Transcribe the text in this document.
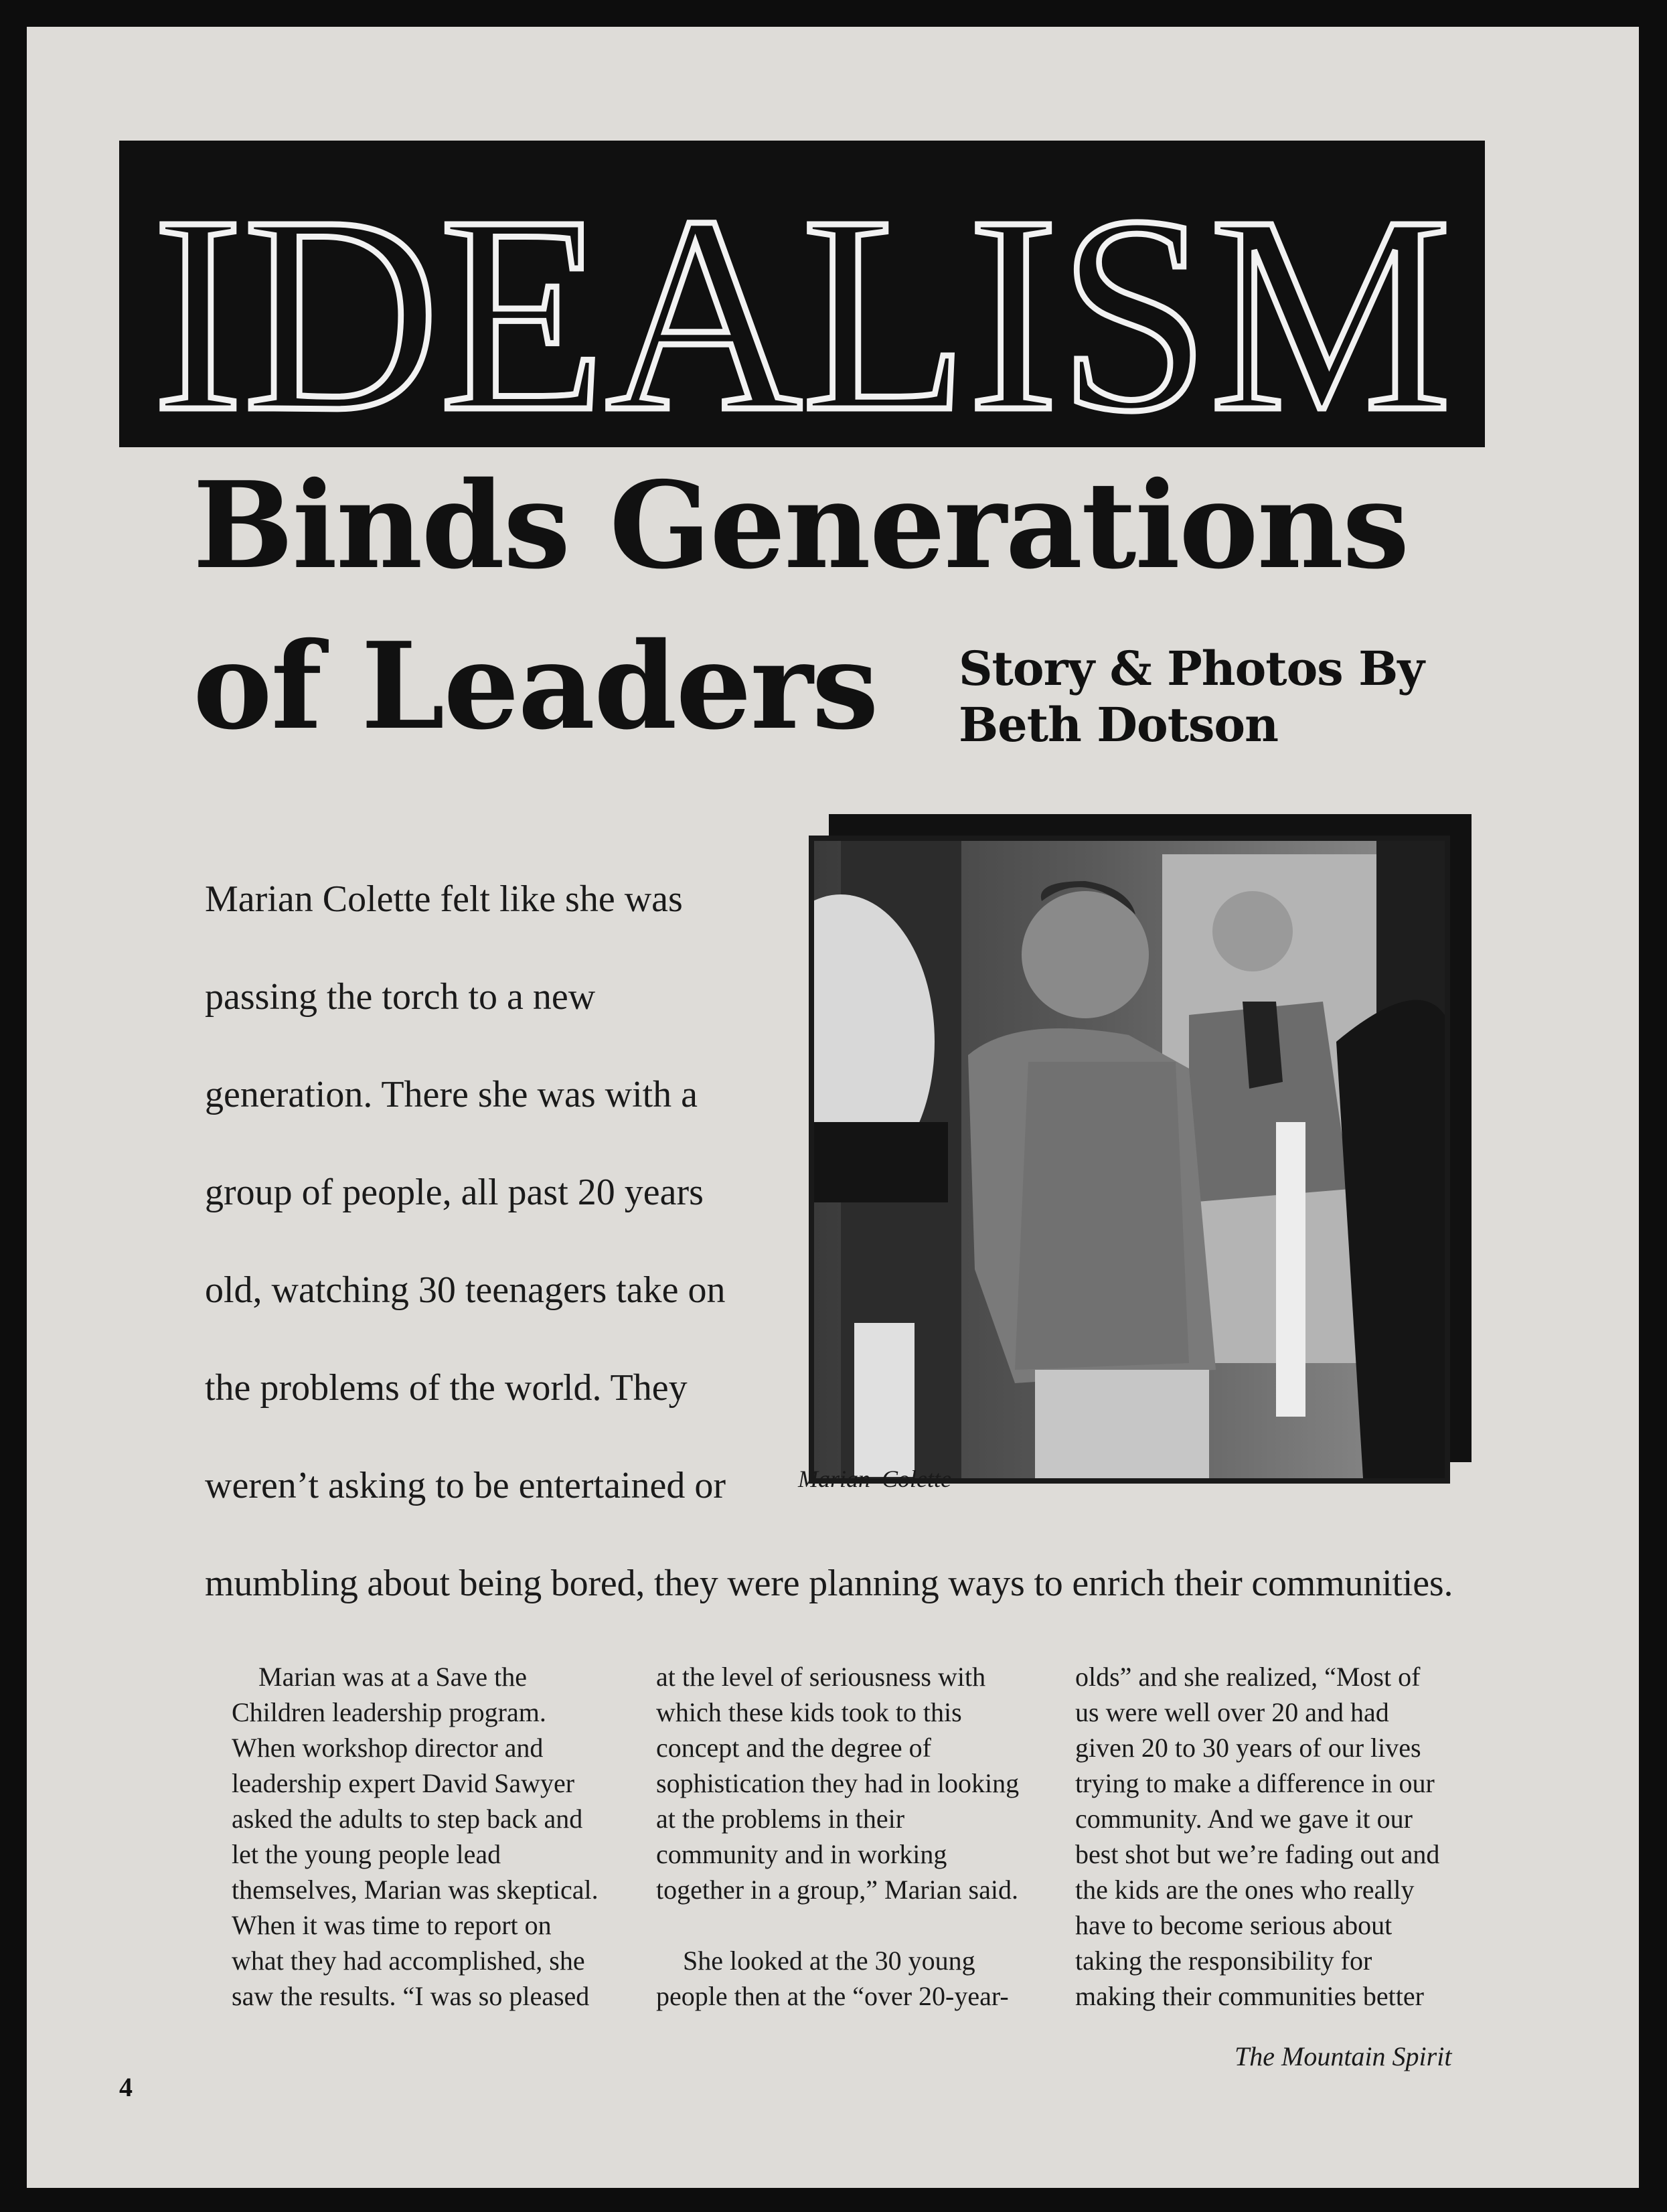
IDEALISM
Binds Generations
of Leaders Story & Photos By
Beth Dotson
Marian Colette felt like she was
passing the torch to a new
generation. There she was with a
group of people, all past 20 years
old, watching 30 teenagers take on
the problems of the world. They
weren’t asking to be entertained or
mumbling about being bored, they were planning ways to enrich their communities.
Marian Colette
Marian was at a Save the
Children leadership program.
When workshop director and
leadership expert David Sawyer
asked the adults to step back and
let the young people lead
themselves, Marian was skeptical.
When it was time to report on
what they had accomplished, she
saw the results. “I was so pleased
at the level of seriousness with
which these kids took to this
concept and the degree of
sophistication they had in looking
at the problems in their
community and in working
together in a group,” Marian said.
She looked at the 30 young
people then at the “over 20-year-
olds” and she realized, “Most of
us were well over 20 and had
given 20 to 30 years of our lives
trying to make a difference in our
community. And we gave it our
best shot but we’re fading out and
the kids are the ones who really
have to become serious about
taking the responsibility for
making their communities better
The Mountain Spirit
4
